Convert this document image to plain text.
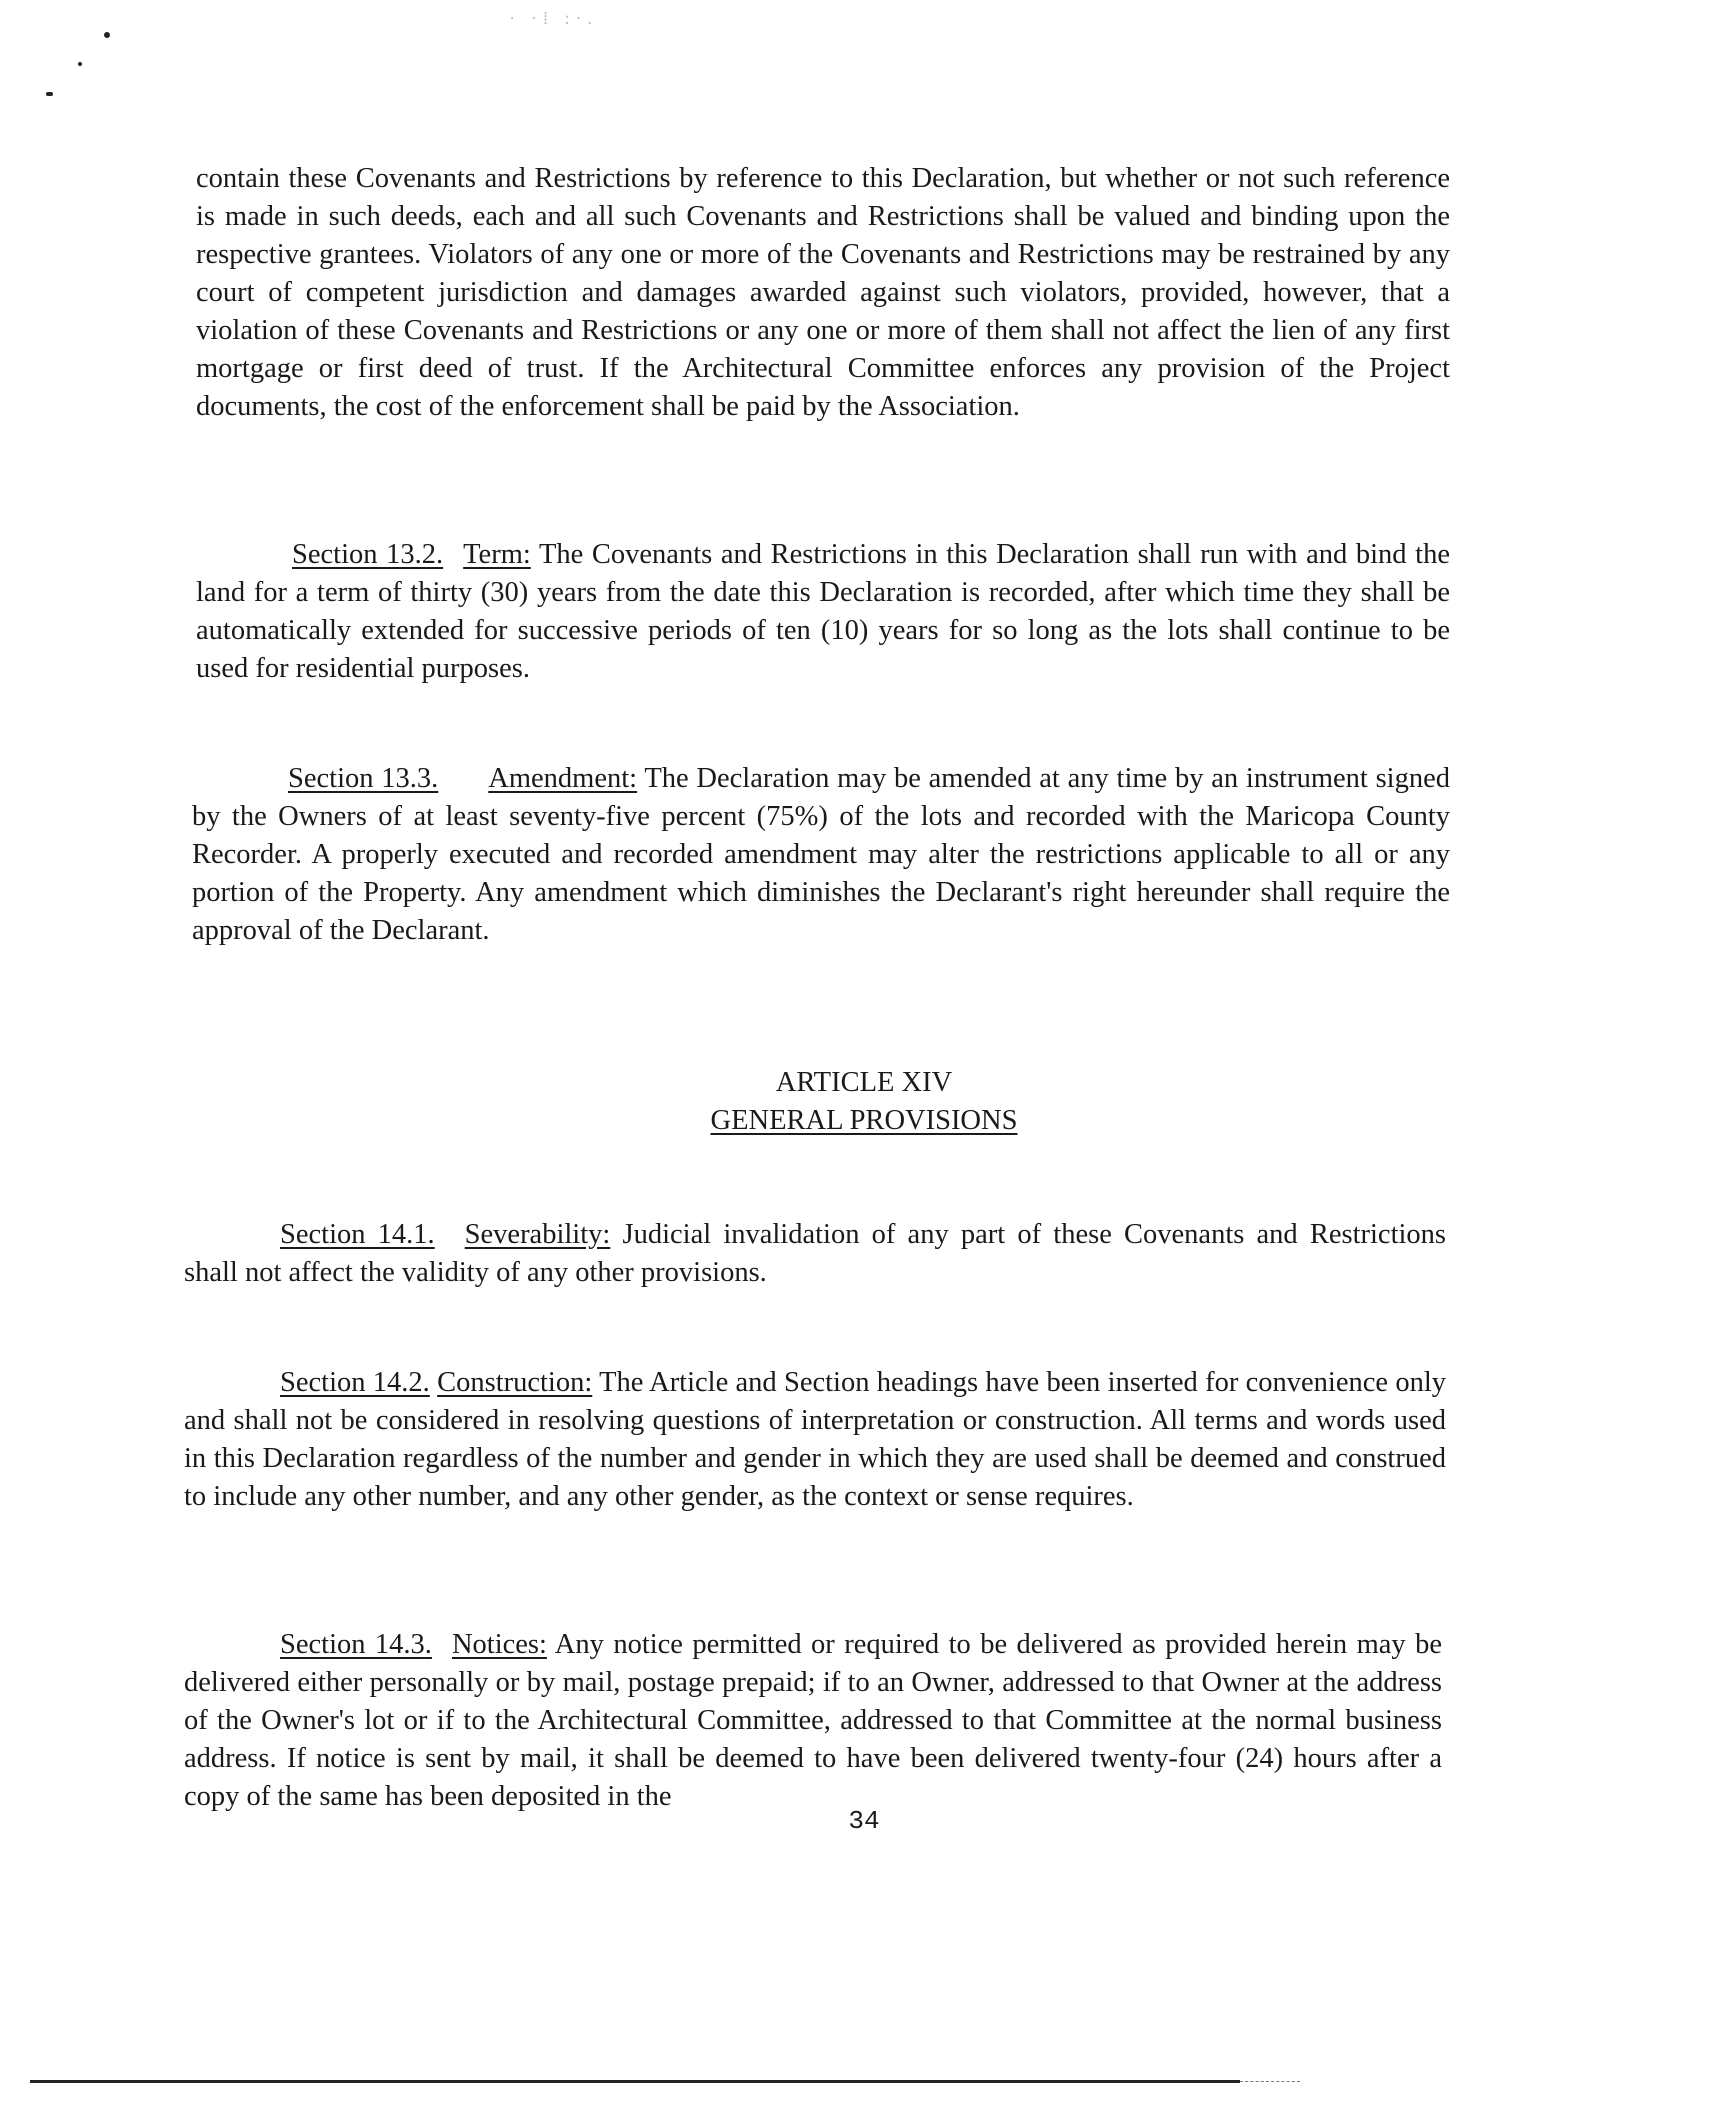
∙ ·⁞ :·.

contain these Covenants and Restrictions by reference to this Declaration, but whether or not such reference is made in such deeds, each and all such Covenants and Restrictions shall be valued and binding upon the respective grantees. Violators of any one or more of the Covenants and Restrictions may be restrained by any court of competent jurisdiction and damages awarded against such violators, provided, however, that a violation of these Covenants and Restrictions or any one or more of them shall not affect the lien of any first mortgage or first deed of trust. If the Architectural Committee enforces any provision of the Project documents, the cost of the enforcement shall be paid by the Association.

Section 13.2. Term: The Covenants and Restrictions in this Declaration shall run with and bind the land for a term of thirty (30) years from the date this Declaration is recorded, after which time they shall be automatically extended for successive periods of ten (10) years for so long as the lots shall continue to be used for residential purposes.

Section 13.3. Amendment: The Declaration may be amended at any time by an instrument signed by the Owners of at least seventy-five percent (75%) of the lots and recorded with the Maricopa County Recorder. A properly executed and recorded amendment may alter the restrictions applicable to all or any portion of the Property. Any amendment which diminishes the Declarant's right hereunder shall require the approval of the Declarant.

ARTICLE XIV
GENERAL PROVISIONS

Section 14.1. Severability: Judicial invalidation of any part of these Covenants and Restrictions shall not affect the validity of any other provisions.

Section 14.2. Construction: The Article and Section headings have been inserted for convenience only and shall not be considered in resolving questions of interpretation or construction. All terms and words used in this Declaration regardless of the number and gender in which they are used shall be deemed and construed to include any other number, and any other gender, as the context or sense requires.

Section 14.3. Notices: Any notice permitted or required to be delivered as provided herein may be delivered either personally or by mail, postage prepaid; if to an Owner, addressed to that Owner at the address of the Owner's lot or if to the Architectural Committee, addressed to that Committee at the normal business address. If notice is sent by mail, it shall be deemed to have been delivered twenty-four (24) hours after a copy of the same has been deposited in the

34
